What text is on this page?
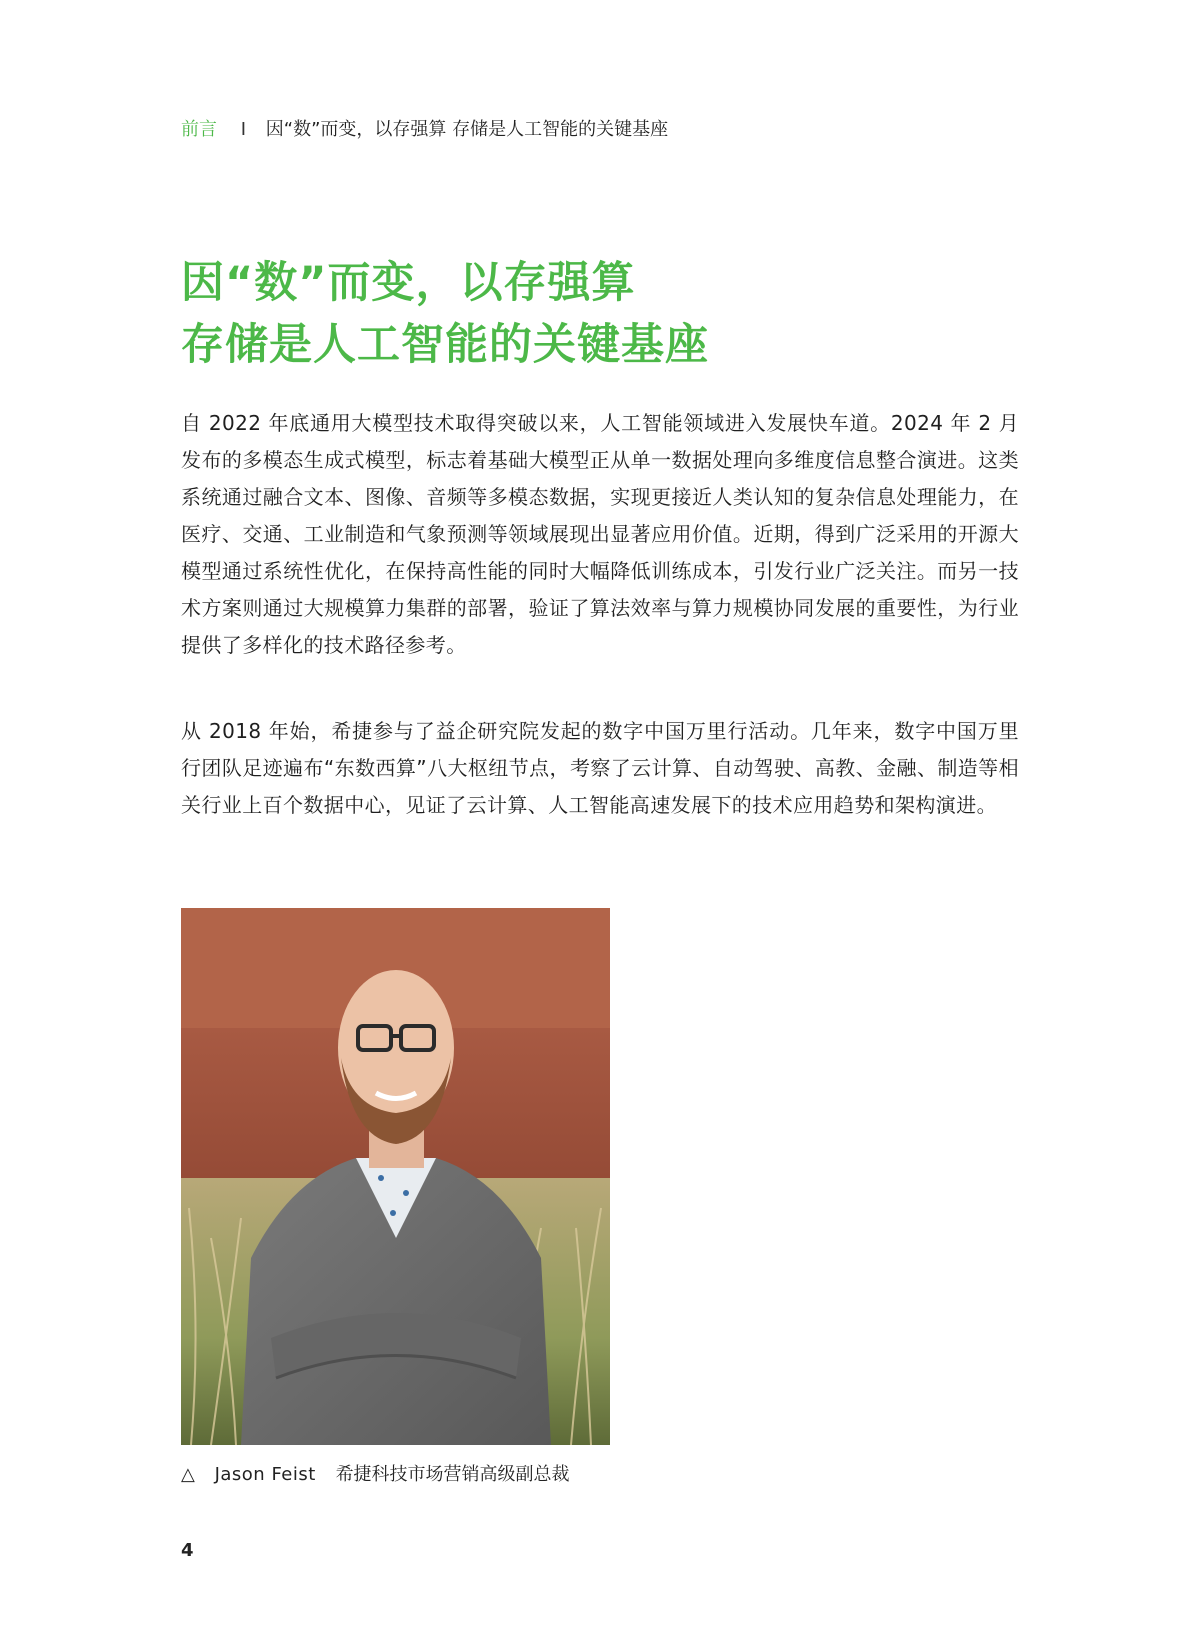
前言 I 因“数”而变，以存强算 存储是人工智能的关键基座
因“数”而变，以存强算
存储是人工智能的关键基座

自 2022 年底通用大模型技术取得突破以来，人工智能领域进入发展快车道。2024 年 2 月发布的多模态生成式模型，标志着基础大模型正从单一数据处理向多维度信息整合演进。这类系统通过融合文本、图像、音频等多模态数据，实现更接近人类认知的复杂信息处理能力，在医疗、交通、工业制造和气象预测等领域展现出显著应用价值。近期，得到广泛采用的开源大模型通过系统性优化，在保持高性能的同时大幅降低训练成本，引发行业广泛关注。而另一技术方案则通过大规模算力集群的部署，验证了算法效率与算力规模协同发展的重要性，为行业提供了多样化的技术路径参考。

从 2018 年始，希捷参与了益企研究院发起的数字中国万里行活动。几年来，数字中国万里行团队足迹遍布“东数西算”八大枢纽节点，考察了云计算、自动驾驶、高教、金融、制造等相关行业上百个数据中心，见证了云计算、人工智能高速发展下的技术应用趋势和架构演进。

△ Jason Feist 希捷科技市场营销高级副总裁
4
